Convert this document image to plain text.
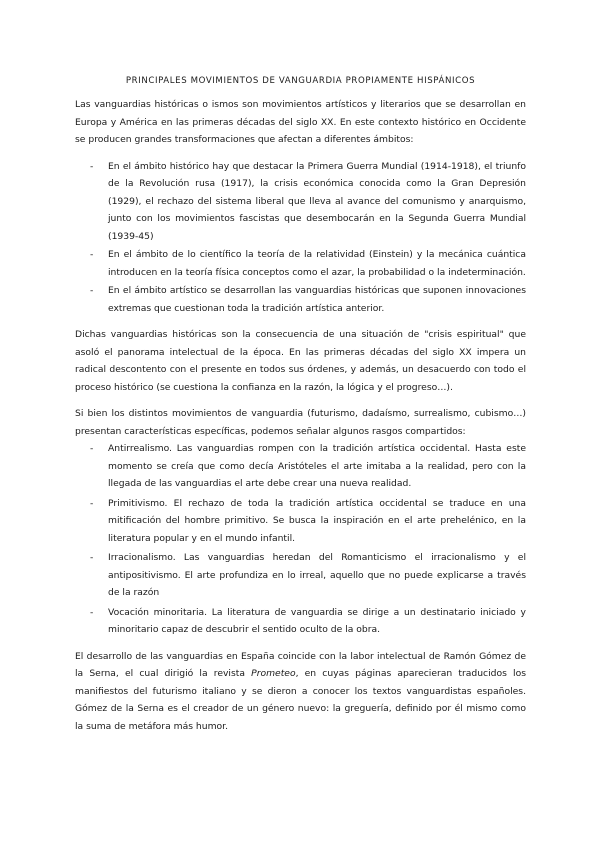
PRINCIPALES MOVIMIENTOS DE VANGUARDIA PROPIAMENTE HISPÁNICOS

Las vanguardias históricas o ismos son movimientos artísticos y literarios que se desarrollan en Europa y América en las primeras décadas del siglo XX. En este contexto histórico en Occidente se producen grandes transformaciones que afectan a diferentes ámbitos:

- En el ámbito histórico hay que destacar la Primera Guerra Mundial (1914-1918), el triunfo de la Revolución rusa (1917), la crisis económica conocida como la Gran Depresión (1929), el rechazo del sistema liberal que lleva al avance del comunismo y anarquismo, junto con los movimientos fascistas que desembocarán en la Segunda Guerra Mundial (1939-45)
- En el ámbito de lo científico la teoría de la relatividad (Einstein) y la mecánica cuántica introducen en la teoría física conceptos como el azar, la probabilidad o la indeterminación.
- En el ámbito artístico se desarrollan las vanguardias históricas que suponen innovaciones extremas que cuestionan toda la tradición artística anterior.

Dichas vanguardias históricas son la consecuencia de una situación de "crisis espiritual" que asoló el panorama intelectual de la época. En las primeras décadas del siglo XX impera un radical descontento con el presente en todos sus órdenes, y además, un desacuerdo con todo el proceso histórico (se cuestiona la confianza en la razón, la lógica y el progreso…).

Si bien los distintos movimientos de vanguardia (futurismo, dadaísmo, surrealismo, cubismo…) presentan características específicas, podemos señalar algunos rasgos compartidos:

- Antirrealismo. Las vanguardias rompen con la tradición artística occidental. Hasta este momento se creía que como decía Aristóteles el arte imitaba a la realidad, pero con la llegada de las vanguardias el arte debe crear una nueva realidad.
- Primitivismo. El rechazo de toda la tradición artística occidental se traduce en una mitificación del hombre primitivo. Se busca la inspiración en el arte prehelénico, en la literatura popular y en el mundo infantil.
- Irracionalismo. Las vanguardias heredan del Romanticismo el irracionalismo y el antipositivismo. El arte profundiza en lo irreal, aquello que no puede explicarse a través de la razón
- Vocación minoritaria. La literatura de vanguardia se dirige a un destinatario iniciado y minoritario capaz de descubrir el sentido oculto de la obra.

El desarrollo de las vanguardias en España coincide con la labor intelectual de Ramón Gómez de la Serna, el cual dirigió la revista Prometeo, en cuyas páginas aparecieran traducidos los manifiestos del futurismo italiano y se dieron a conocer los textos vanguardistas españoles. Gómez de la Serna es el creador de un género nuevo: la greguería, definido por él mismo como la suma de metáfora más humor.
